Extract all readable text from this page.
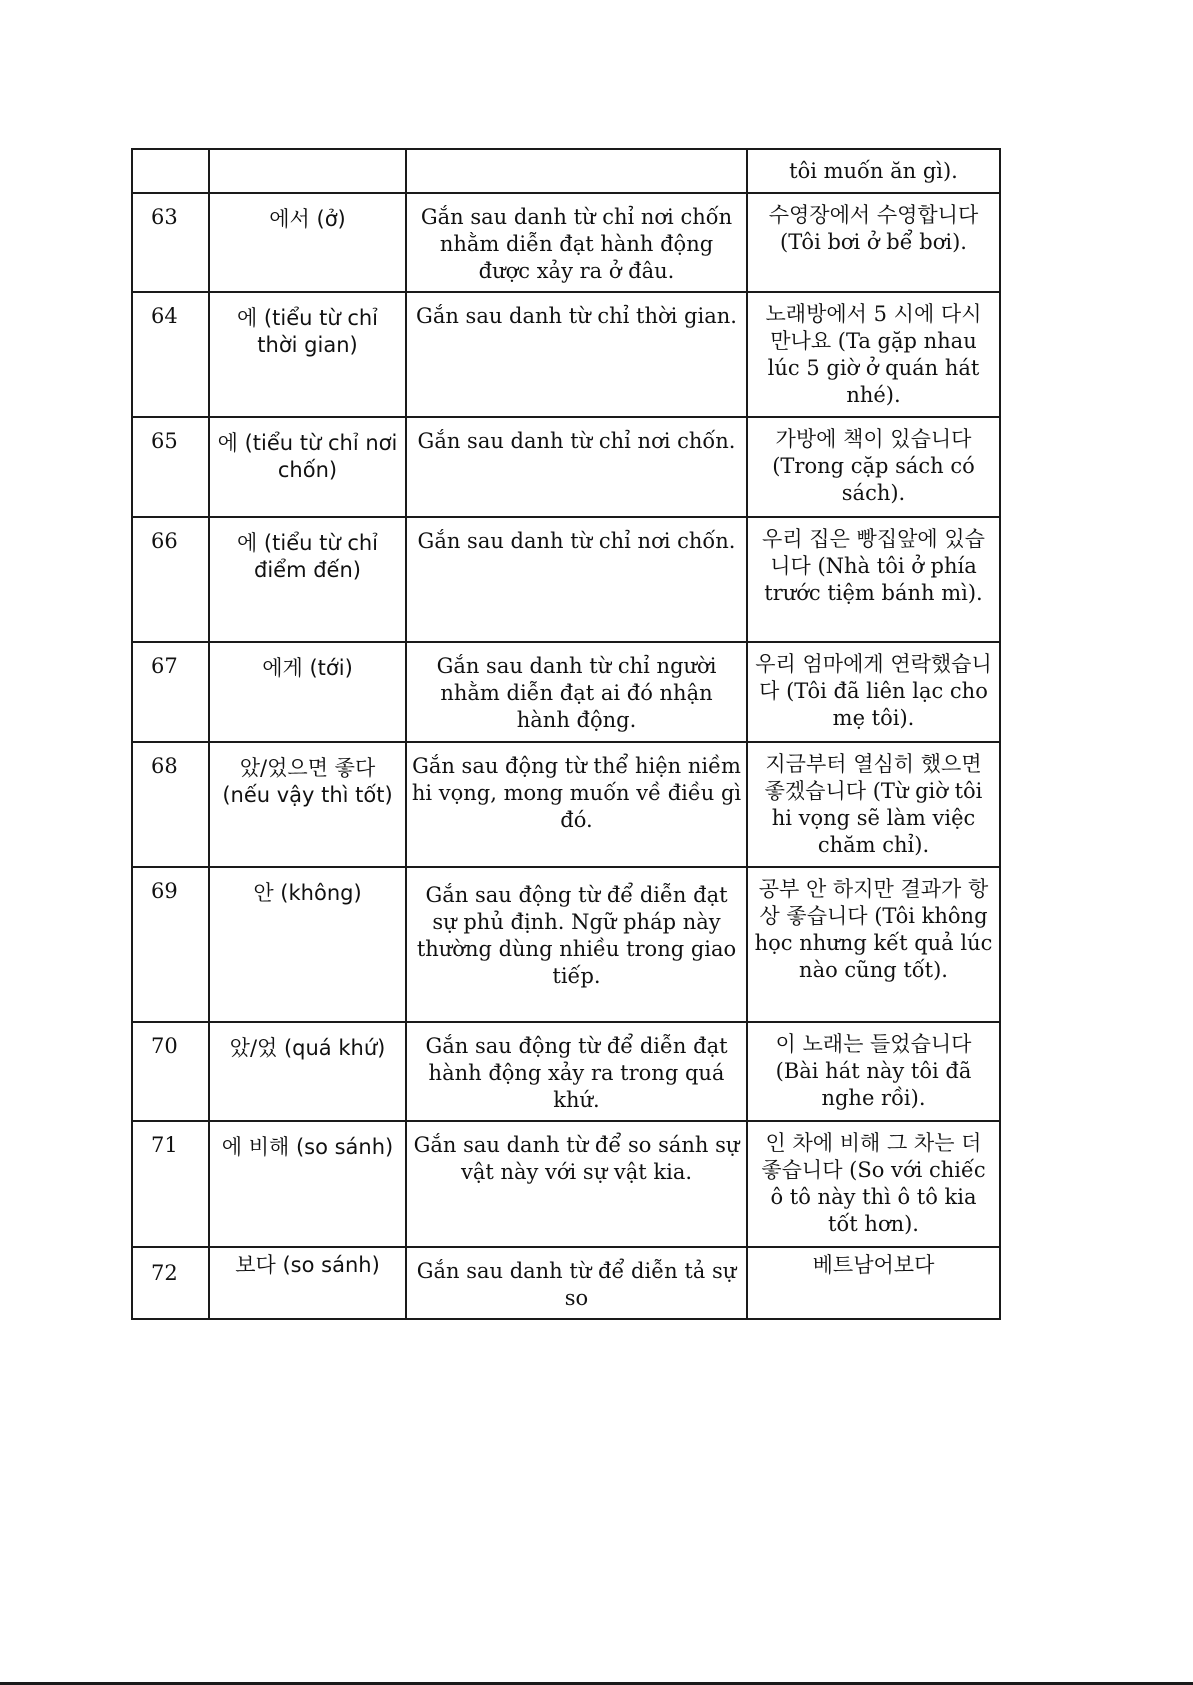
			tôi muốn ăn gì).
63	에서 (ở)	Gắn sau danh từ chỉ nơi chốn nhằm diễn đạt hành động được xảy ra ở đâu.	수영장에서 수영합니다 (Tôi bơi ở bể bơi).
64	에 (tiểu từ chỉ thời gian)	Gắn sau danh từ chỉ thời gian.	노래방에서 5 시에 다시 만나요 (Ta gặp nhau lúc 5 giờ ở quán hát nhé).
65	에 (tiểu từ chỉ nơi chốn)	Gắn sau danh từ chỉ nơi chốn.	가방에 책이 있습니다 (Trong cặp sách có sách).
66	에 (tiểu từ chỉ điểm đến)	Gắn sau danh từ chỉ nơi chốn.	우리 집은 빵집앞에 있습니다 (Nhà tôi ở phía trước tiệm bánh mì).
67	에게 (tới)	Gắn sau danh từ chỉ người nhằm diễn đạt ai đó nhận hành động.	우리 엄마에게 연락했습니다 (Tôi đã liên lạc cho mẹ tôi).
68	았/었으면 좋다 (nếu vậy thì tốt)	Gắn sau động từ thể hiện niềm hi vọng, mong muốn về điều gì đó.	지금부터 열심히 했으면 좋겠습니다 (Từ giờ tôi hi vọng sẽ làm việc chăm chỉ).
69	안 (không)	Gắn sau động từ để diễn đạt sự phủ định. Ngữ pháp này thường dùng nhiều trong giao tiếp.	공부 안 하지만 결과가 항상 좋습니다 (Tôi không học nhưng kết quả lúc nào cũng tốt).
70	았/었 (quá khứ)	Gắn sau động từ để diễn đạt hành động xảy ra trong quá khứ.	이 노래는 들었습니다 (Bài hát này tôi đã nghe rồi).
71	에 비해 (so sánh)	Gắn sau danh từ để so sánh sự vật này với sự vật kia.	인 차에 비해 그 차는 더 좋습니다 (So với chiếc ô tô này thì ô tô kia tốt hơn).
72	보다 (so sánh)	Gắn sau danh từ để diễn tả sự so	베트남어보다
